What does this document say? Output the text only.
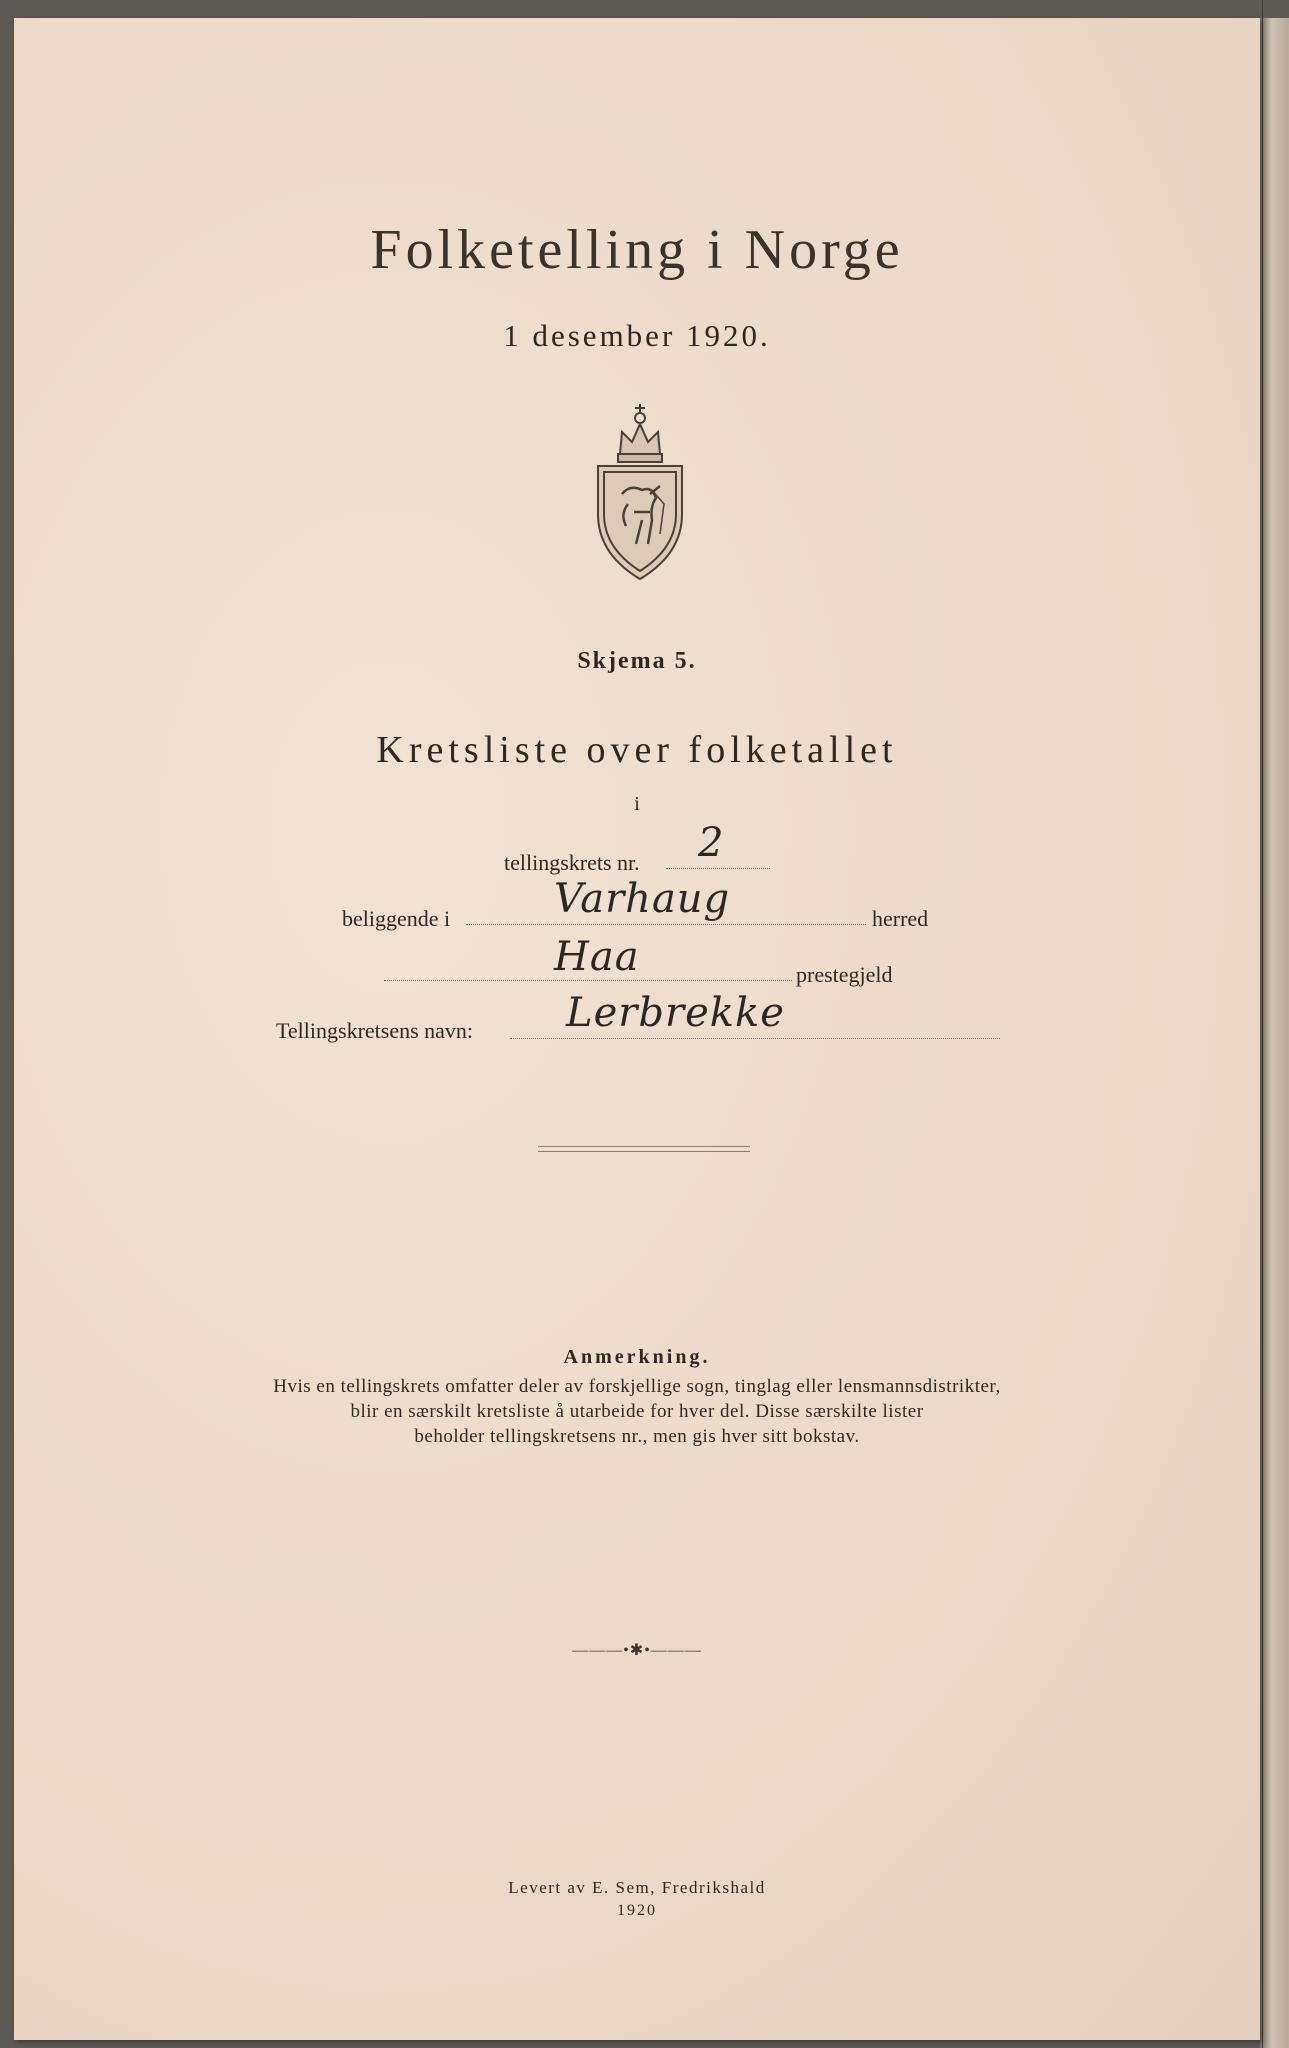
Folketelling i Norge
1 desember 1920.
Skjema 5.
Kretsliste over folketallet
i
tellingskrets nr. 2
beliggende i	Varhaug	herred
Haa	prestegjeld
Tellingskretsens navn: Lerbrekke
Anmerkning.
Hvis en tellingskrets omfatter deler av forskjellige sogn, tinglag eller lensmannsdistrikter,
blir en særskilt kretsliste å utarbeide for hver del. Disse særskilte lister
beholder tellingskretsens nr., men gis hver sitt bokstav.
———•✱•———
Levert av E. Sem, Fredrikshald
1920
